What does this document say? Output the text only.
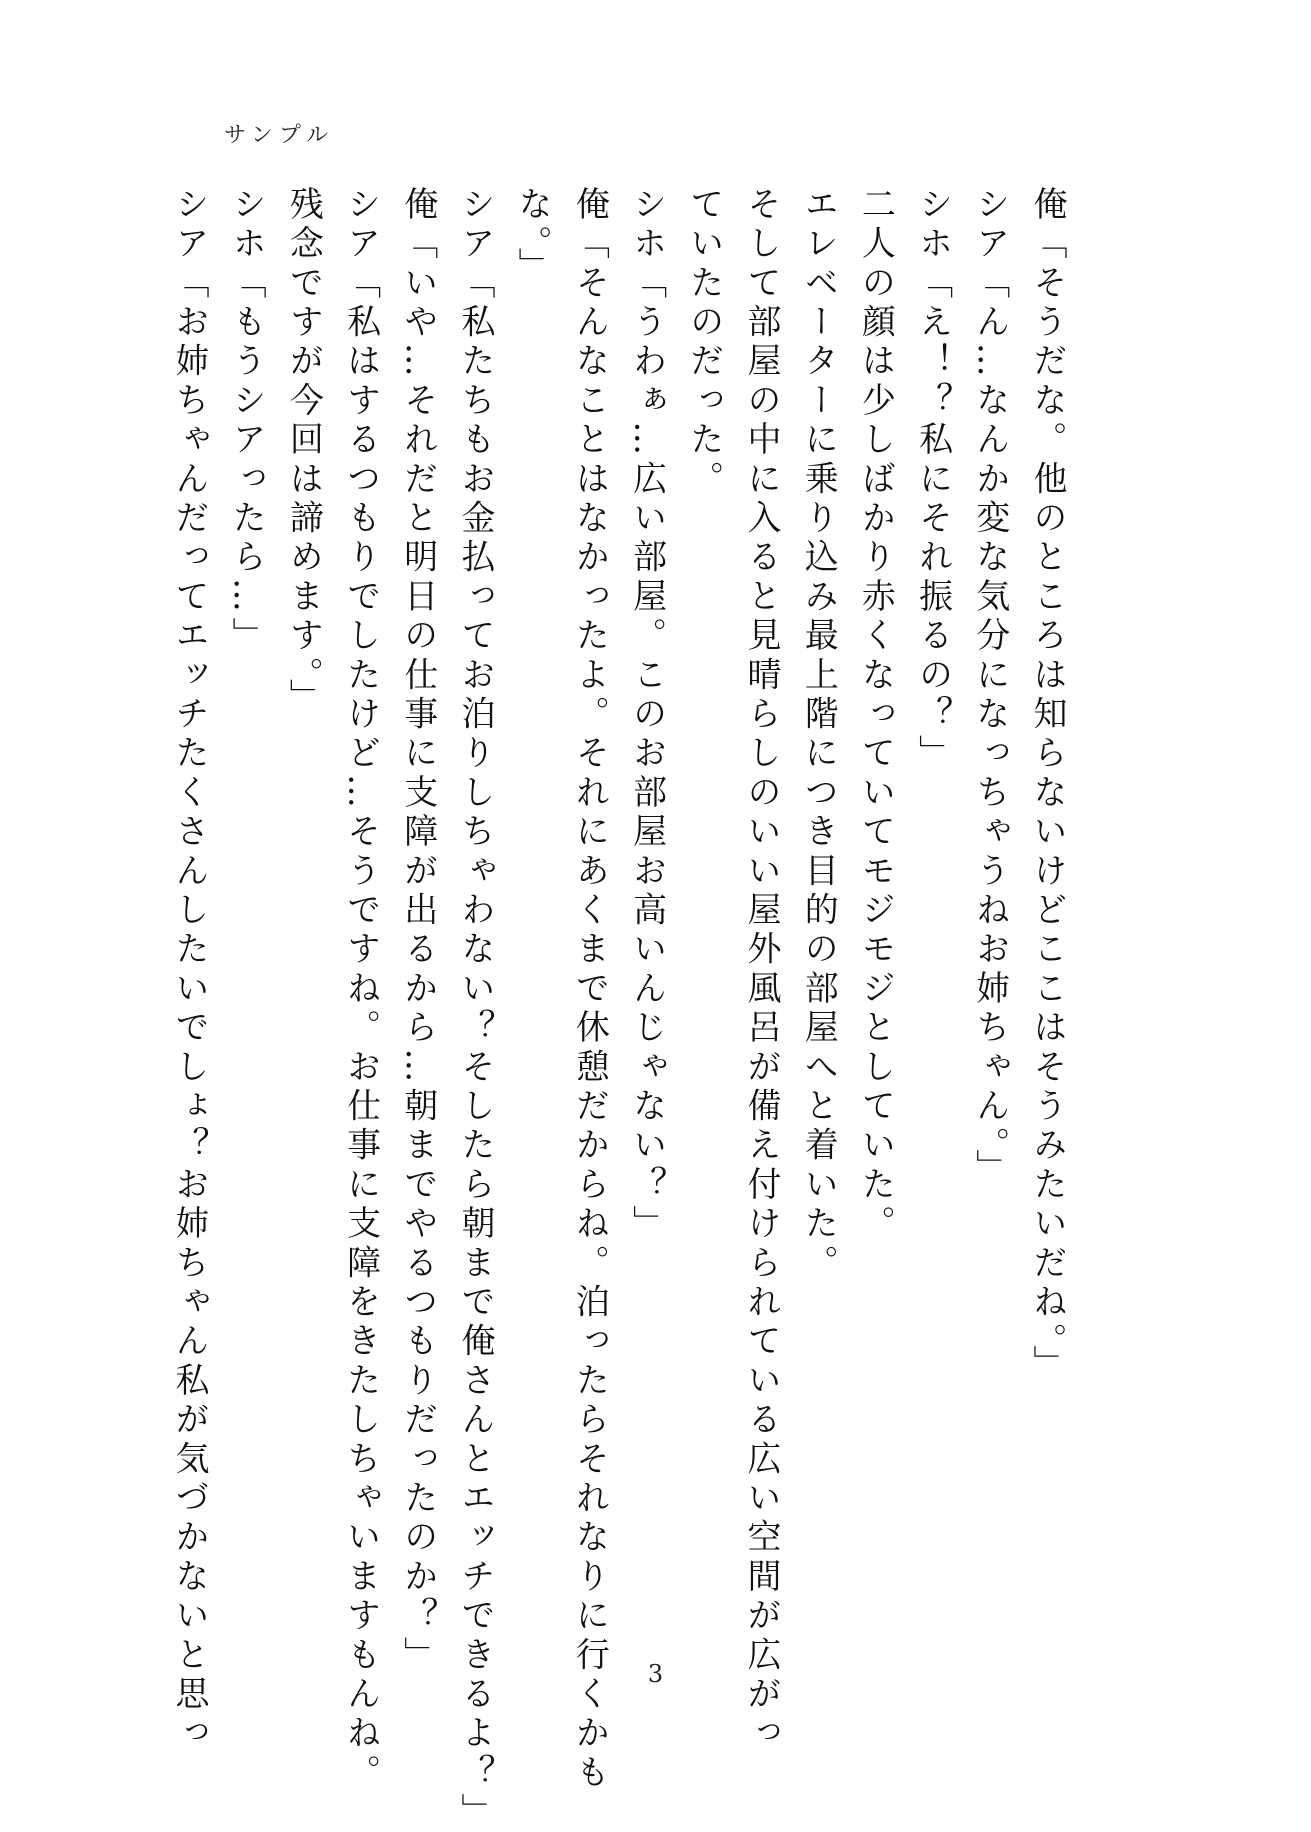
サンプル
俺「そうだな。他のところは知らないけどここはそうみたいだね。」
シア「ん…なんか変な気分になっちゃうねお姉ちゃん。」
シホ「え！？私にそれ振るの？」
二人の顔は少しばかり赤くなっていてモジモジとしていた。
エレベーターに乗り込み最上階につき目的の部屋へと着いた。
そして部屋の中に入ると見晴らしのいい屋外風呂が備え付けられている広い空間が広がっ
ていたのだった。
シホ「うわぁ…広い部屋。このお部屋お高いんじゃない？」
俺「そんなことはなかったよ。それにあくまで休憩だからね。泊ったらそれなりに行くかも
な。」
シア「私たちもお金払ってお泊りしちゃわない？そしたら朝まで俺さんとエッチできるよ？」
俺「いや…それだと明日の仕事に支障が出るから…朝までやるつもりだったのか？」
シア「私はするつもりでしたけど…そうですね。お仕事に支障をきたしちゃいますもんね。
残念ですが今回は諦めます。」
シホ「もうシアったら…」
シア「お姉ちゃんだってエッチたくさんしたいでしょ？お姉ちゃん私が気づかないと思っ	3
